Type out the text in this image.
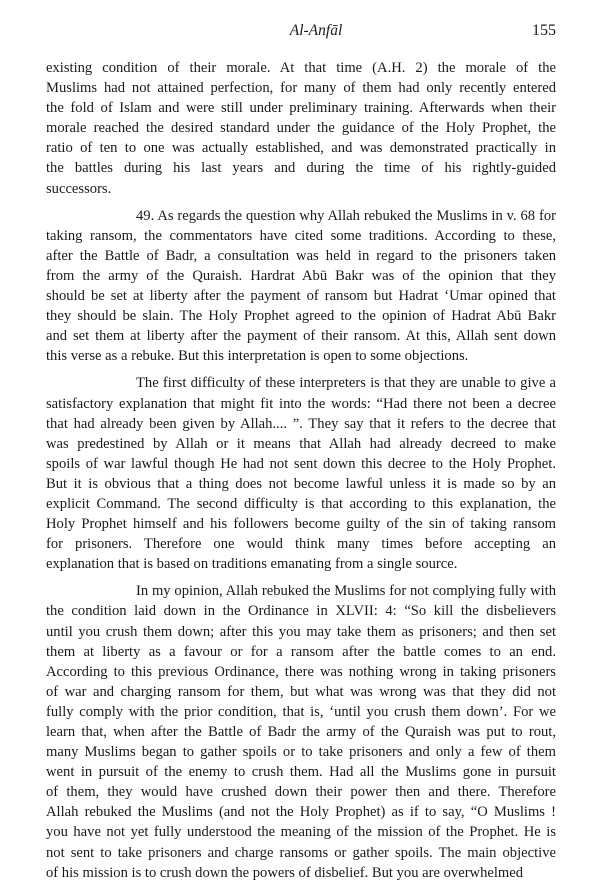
Al-Anfāl	155
existing condition of their morale. At that time (A.H. 2) the morale of the
Muslims had not attained perfection, for many of them had only recently entered
the fold of Islam and were still under preliminary training. Afterwards when their
morale reached the desired standard under the guidance of the Holy Prophet, the
ratio of ten to one was actually established, and was demonstrated practically in
the battles during his last years and during the time of his rightly-guided
successors.
49. As regards the question why Allah rebuked the Muslims in v. 68 for
taking ransom, the commentators have cited some traditions. According to these,
after the Battle of Badr, a consultation was held in regard to the prisoners taken
from the army of the Quraish. Hardrat Abū Bakr was of the opinion that they
should be set at liberty after the payment of ransom but Hadrat ‘Umar opined that
they should be slain. The Holy Prophet agreed to the opinion of Hadrat Abū Bakr
and set them at liberty after the payment of their ransom. At this, Allah sent down
this verse as a rebuke. But this interpretation is open to some objections.
The first difficulty of these interpreters is that they are unable to give a
satisfactory explanation that might fit into the words: “Had there not been a decree
that had already been given by Allah.... ”. They say that it refers to the decree that
was predestined by Allah or it means that Allah had already decreed to make
spoils of war lawful though He had not sent down this decree to the Holy Prophet.
But it is obvious that a thing does not become lawful unless it is made so by an
explicit Command. The second difficulty is that according to this explanation, the
Holy Prophet himself and his followers become guilty of the sin of taking ransom
for prisoners. Therefore one would think many times before accepting an
explanation that is based on traditions emanating from a single source.
In my opinion, Allah rebuked the Muslims for not complying fully with
the condition laid down in the Ordinance in XLVII: 4: “So kill the disbelievers
until you crush them down; after this you may take them as prisoners; and then set
them at liberty as a favour or for a ransom after the battle comes to an end.
According to this previous Ordinance, there was nothing wrong in taking prisoners
of war and charging ransom for them, but what was wrong was that they did not
fully comply with the prior condition, that is, ‘until you crush them down’. For we
learn that, when after the Battle of Badr the army of the Quraish was put to rout,
many Muslims began to gather spoils or to take prisoners and only a few of them
went in pursuit of the enemy to crush them. Had all the Muslims gone in pursuit
of them, they would have crushed down their power then and there. Therefore
Allah rebuked the Muslims (and not the Holy Prophet) as if to say, “O Muslims !
you have not yet fully understood the meaning of the mission of the Prophet. He is
not sent to take prisoners and charge ransoms or gather spoils. The main objective
of his mission is to crush down the powers of disbelief. But you are overwhelmed
